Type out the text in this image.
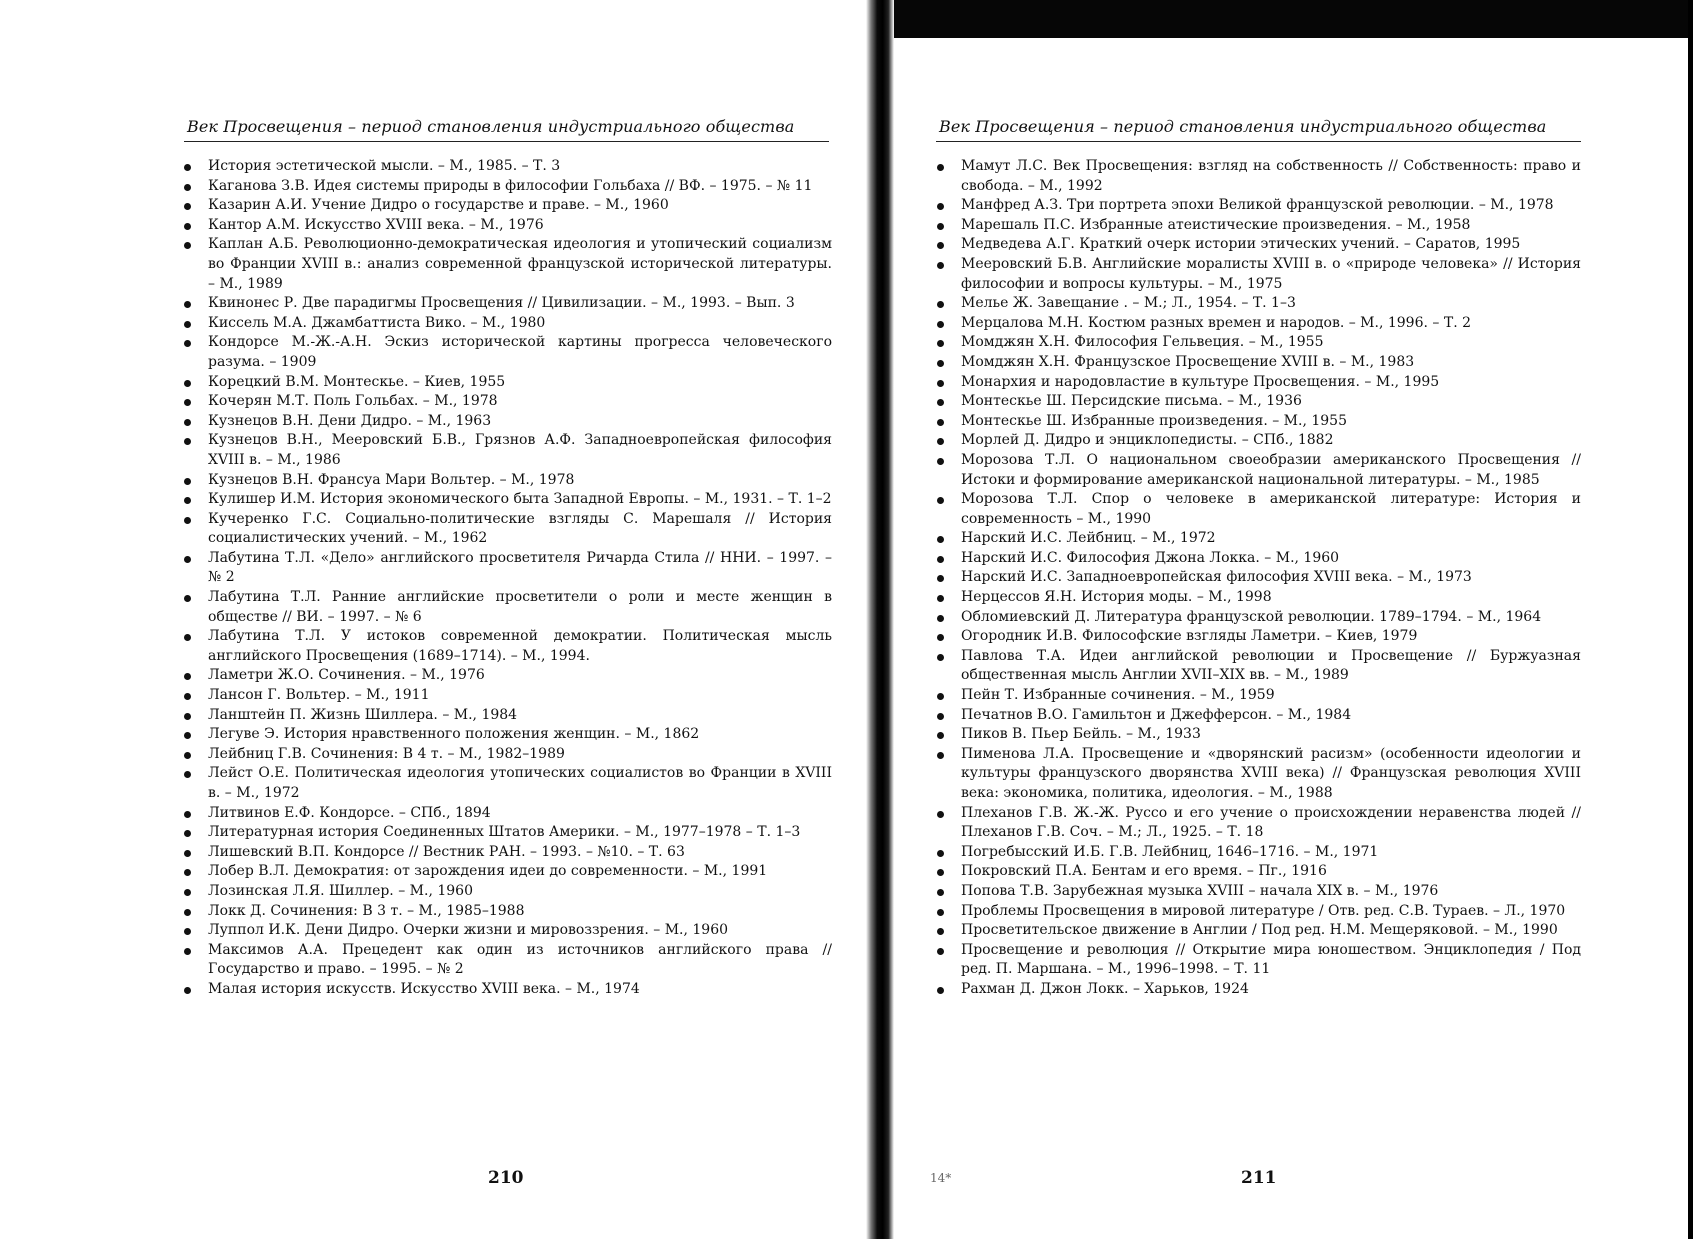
Век Просвещения – период становления индустриального общества
История эстетической мысли. – М., 1985. – Т. 3
Каганова З.В. Идея системы природы в философии Гольбаха // ВФ. – 1975. – № 11
Казарин А.И. Учение Дидро о государстве и праве. – М., 1960
Кантор А.М. Искусство XVIII века. – М., 1976
Каплан А.Б. Революционно-демократическая идеология и утопический социализм во Франции XVIII в.: анализ современной французской исторической литературы. – М., 1989
Квинонес Р. Две парадигмы Просвещения // Цивилизации. – М., 1993. – Вып. 3
Киссель М.А. Джамбаттиста Вико. – М., 1980
Кондорсе М.-Ж.-А.Н. Эскиз исторической картины прогресса человеческого разума. – 1909
Корецкий В.М. Монтескье. – Киев, 1955
Кочерян М.Т. Поль Гольбах. – М., 1978
Кузнецов В.Н. Дени Дидро. – М., 1963
Кузнецов В.Н., Мееровский Б.В., Грязнов А.Ф. Западноевропейская философия XVIII в. – М., 1986
Кузнецов В.Н. Франсуа Мари Вольтер. – М., 1978
Кулишер И.М. История экономического быта Западной Европы. – М., 1931. – Т. 1–2
Кучеренко Г.С. Социально-политические взгляды С. Марешаля // История социалистических учений. – М., 1962
Лабутина Т.Л. «Дело» английского просветителя Ричарда Стила // ННИ. – 1997. – № 2
Лабутина Т.Л. Ранние английские просветители о роли и месте женщин в обществе // ВИ. – 1997. – № 6
Лабутина Т.Л. У истоков современной демократии. Политическая мысль английского Просвещения (1689–1714). – М., 1994.
Ламетри Ж.О. Сочинения. – М., 1976
Лансон Г. Вольтер. – М., 1911
Ланштейн П. Жизнь Шиллера. – М., 1984
Легуве Э. История нравственного положения женщин. – М., 1862
Лейбниц Г.В. Сочинения: В 4 т. – М., 1982–1989
Лейст О.Е. Политическая идеология утопических социалистов во Франции в XVIII в. – М., 1972
Литвинов Е.Ф. Кондорсе. – СПб., 1894
Литературная история Соединенных Штатов Америки. – М., 1977–1978 – Т. 1–3
Лишевский В.П. Кондорсе // Вестник РАН. – 1993. – №10. – Т. 63
Лобер В.Л. Демократия: от зарождения идеи до современности. – М., 1991
Лозинская Л.Я. Шиллер. – М., 1960
Локк Д. Сочинения: В 3 т. – М., 1985–1988
Луппол И.К. Дени Дидро. Очерки жизни и мировоззрения. – М., 1960
Максимов А.А. Прецедент как один из источников английского права // Государство и право. – 1995. – № 2
Малая история искусств. Искусство XVIII века. – М., 1974
210
Век Просвещения – период становления индустриального общества
Мамут Л.С. Век Просвещения: взгляд на собственность // Собственность: право и свобода. – М., 1992
Манфред А.З. Три портрета эпохи Великой французской революции. – М., 1978
Марешаль П.С. Избранные атеистические произведения. – М., 1958
Медведева А.Г. Краткий очерк истории этических учений. – Саратов, 1995
Мееровский Б.В. Английские моралисты XVIII в. о «природе человека» // История философии и вопросы культуры. – М., 1975
Мелье Ж. Завещание . – М.; Л., 1954. – Т. 1–3
Мерцалова М.Н. Костюм разных времен и народов. – М., 1996. – Т. 2
Момджян Х.Н. Философия Гельвеция. – М., 1955
Момджян Х.Н. Французское Просвещение XVIII в. – М., 1983
Монархия и народовластие в культуре Просвещения. – М., 1995
Монтескье Ш. Персидские письма. – М., 1936
Монтескье Ш. Избранные произведения. – М., 1955
Морлей Д. Дидро и энциклопедисты. – СПб., 1882
Морозова Т.Л. О национальном своеобразии американского Просвещения // Истоки и формирование американской национальной литературы. – М., 1985
Морозова Т.Л. Спор о человеке в американской литературе: История и современность – М., 1990
Нарский И.С. Лейбниц. – М., 1972
Нарский И.С. Философия Джона Локка. – М., 1960
Нарский И.С. Западноевропейская философия XVIII века. – М., 1973
Нерцессов Я.Н. История моды. – М., 1998
Обломиевский Д. Литература французской революции. 1789–1794. – М., 1964
Огородник И.В. Философские взгляды Ламетри. – Киев, 1979
Павлова Т.А. Идеи английской революции и Просвещение // Буржуазная общественная мысль Англии XVII–XIX вв. – М., 1989
Пейн Т. Избранные сочинения. – М., 1959
Печатнов В.О. Гамильтон и Джефферсон. – М., 1984
Пиков В. Пьер Бейль. – М., 1933
Пименова Л.А. Просвещение и «дворянский расизм» (особенности идеологии и культуры французского дворянства XVIII века) // Французская революция XVIII века: экономика, политика, идеология. – М., 1988
Плеханов Г.В. Ж.-Ж. Руссо и его учение о происхождении неравенства людей // Плеханов Г.В. Соч. – М.; Л., 1925. – Т. 18
Погребысский И.Б. Г.В. Лейбниц, 1646–1716. – М., 1971
Покровский П.А. Бентам и его время. – Пг., 1916
Попова Т.В. Зарубежная музыка XVIII – начала XIX в. – М., 1976
Проблемы Просвещения в мировой литературе / Отв. ред. С.В. Тураев. – Л., 1970
Просветительское движение в Англии / Под ред. Н.М. Мещеряковой. – М., 1990
Просвещение и революция // Открытие мира юношеством. Энциклопедия / Под ред. П. Маршана. – М., 1996–1998. – Т. 11
Рахман Д. Джон Локк. – Харьков, 1924
14*	211
